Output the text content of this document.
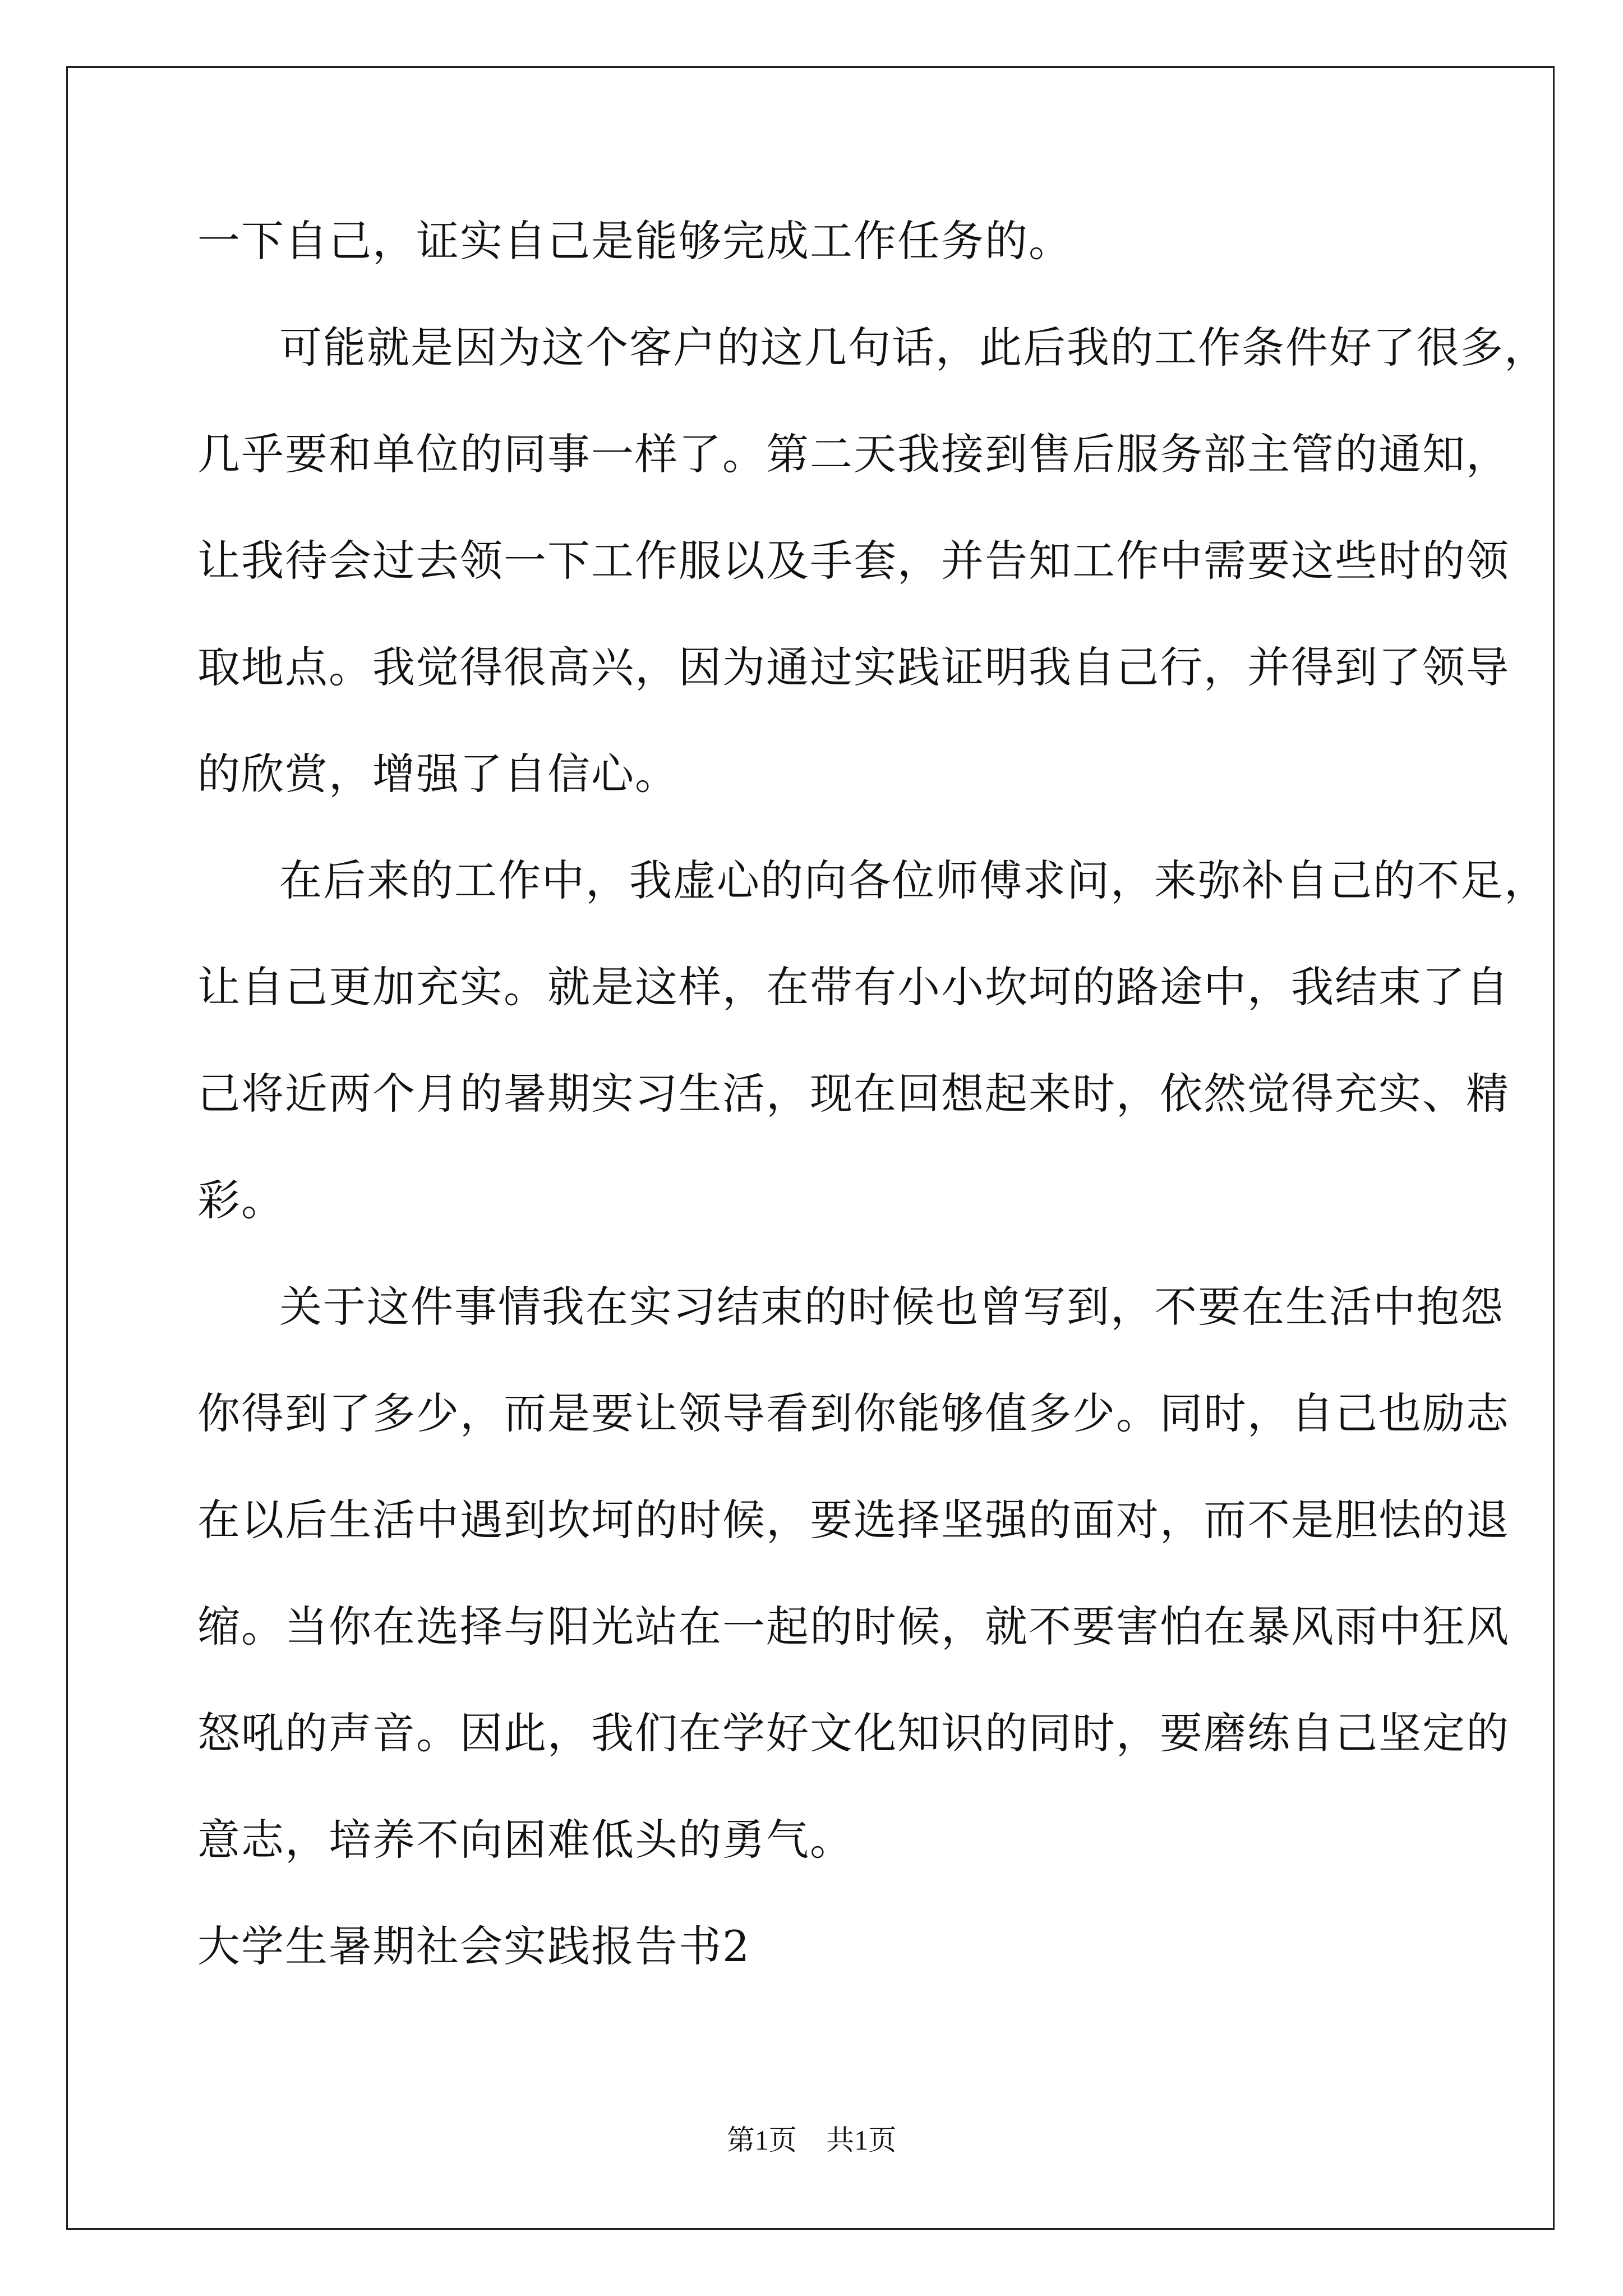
一下自己，证实自己是能够完成工作任务的。
可能就是因为这个客户的这几句话，此后我的工作条件好了很多，
几乎要和单位的同事一样了。第二天我接到售后服务部主管的通知，
让我待会过去领一下工作服以及手套，并告知工作中需要这些时的领
取地点。我觉得很高兴，因为通过实践证明我自己行，并得到了领导
的欣赏，增强了自信心。
在后来的工作中，我虚心的向各位师傅求问，来弥补自己的不足，
让自己更加充实。就是这样，在带有小小坎坷的路途中，我结束了自
己将近两个月的暑期实习生活，现在回想起来时，依然觉得充实、精
彩。
关于这件事情我在实习结束的时候也曾写到，不要在生活中抱怨
你得到了多少，而是要让领导看到你能够值多少。同时，自己也励志
在以后生活中遇到坎坷的时候，要选择坚强的面对，而不是胆怯的退
缩。当你在选择与阳光站在一起的时候，就不要害怕在暴风雨中狂风
怒吼的声音。因此，我们在学好文化知识的同时，要磨练自己坚定的
意志，培养不向困难低头的勇气。
大学生暑期社会实践报告书2
第1页 共1页
